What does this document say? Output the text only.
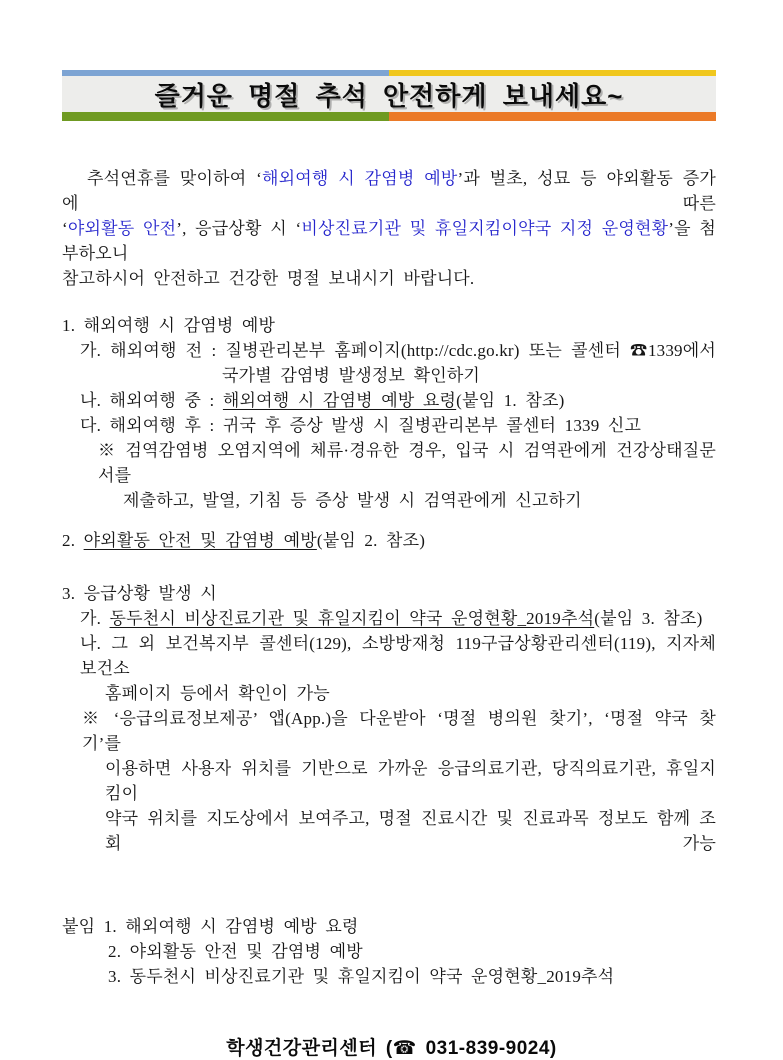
즐거운 명절 추석 안전하게 보내세요~
추석연휴를 맞이하여 ‘해외여행 시 감염병 예방’과 벌초, 성묘 등 야외활동 증가에 따른
‘야외활동 안전’, 응급상황 시 ‘비상진료기관 및 휴일지킴이약국 지정 운영현황’을 첨부하오니
참고하시어 안전하고 건강한 명절 보내시기 바랍니다.
1. 해외여행 시 감염병 예방
가. 해외여행 전 : 질병관리본부 홈페이지(http://cdc.go.kr) 또는 콜센터 ☎1339에서
국가별 감염병 발생정보 확인하기
나. 해외여행 중 : 해외여행 시 감염병 예방 요령(붙임 1. 참조)
다. 해외여행 후 : 귀국 후 증상 발생 시 질병관리본부 콜센터 1339 신고
※ 검역감염병 오염지역에 체류·경유한 경우, 입국 시 검역관에게 건강상태질문서를
제출하고, 발열, 기침 등 증상 발생 시 검역관에게 신고하기
2. 야외활동 안전 및 감염병 예방(붙임 2. 참조)
3. 응급상황 발생 시
가. 동두천시 비상진료기관 및 휴일지킴이 약국 운영현황_2019추석(붙임 3. 참조)
나. 그 외 보건복지부 콜센터(129), 소방방재청 119구급상황관리센터(119), 지자체 보건소
홈페이지 등에서 확인이 가능
※ ‘응급의료정보제공’ 앱(App.)을 다운받아 ‘명절 병의원 찾기’, ‘명절 약국 찾기’를
이용하면 사용자 위치를 기반으로 가까운 응급의료기관, 당직의료기관, 휴일지킴이
약국 위치를 지도상에서 보여주고, 명절 진료시간 및 진료과목 정보도 함께 조회 가능
붙임 1. 해외여행 시 감염병 예방 요령
2. 야외활동 안전 및 감염병 예방
3. 동두천시 비상진료기관 및 휴일지킴이 약국 운영현황_2019추석
학생건강관리센터 (☎ 031-839-9024)
